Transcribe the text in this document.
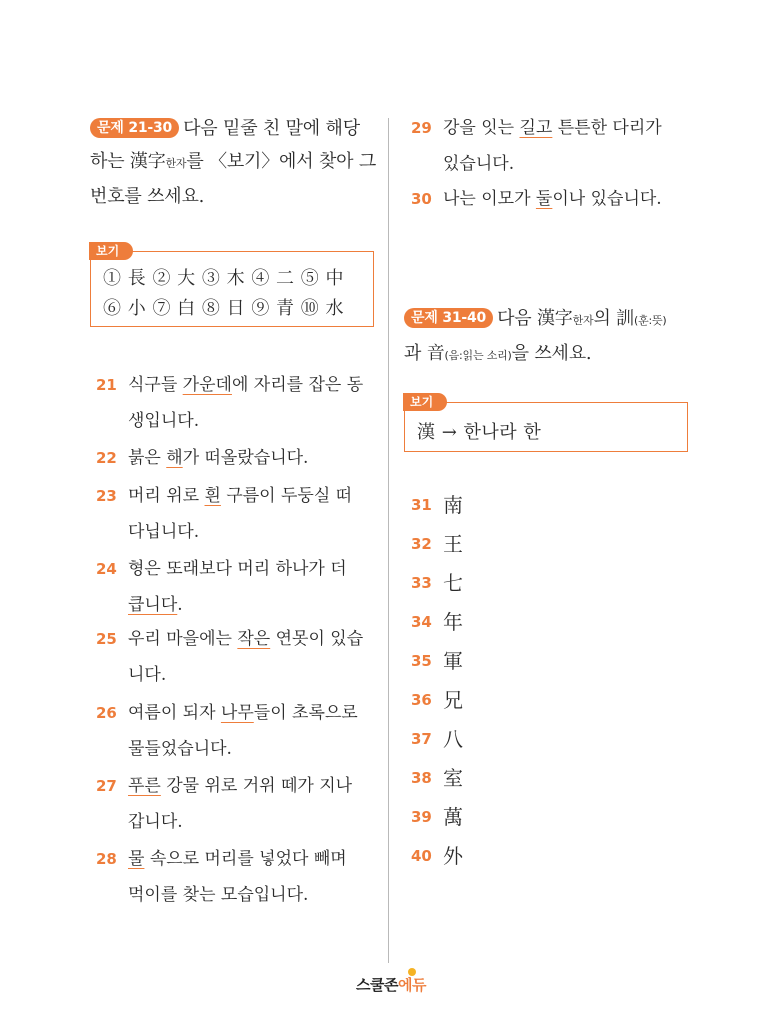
문제 21-30 다음 밑줄 친 말에 해당
하는 漢字한자를 〈보기〉에서 찾아 그
번호를 쓰세요.
보기
① 長 ② 大 ③ 木 ④ 二 ⑤ 中
⑥ 小 ⑦ 白 ⑧ 日 ⑨ 青 ⑩ 水
21 식구들 가운데에 자리를 잡은 동
생입니다.
22 붉은 해가 떠올랐습니다.
23 머리 위로 흰 구름이 두둥실 떠
다닙니다.
24 형은 또래보다 머리 하나가 더
큽니다.
25 우리 마을에는 작은 연못이 있습
니다.
26 여름이 되자 나무들이 초록으로
물들었습니다.
27 푸른 강물 위로 거위 떼가 지나
갑니다.
28 물 속으로 머리를 넣었다 빼며
먹이를 찾는 모습입니다.
29 강을 잇는 길고 튼튼한 다리가
있습니다.
30 나는 이모가 둘이나 있습니다.
문제 31-40 다음 漢字한자의 訓(훈:뜻)
과 音(음:읽는 소리)을 쓰세요.
보기
漢 → 한나라 한
31 南
32 王
33 七
34 年
35 軍
36 兄
37 八
38 室
39 萬
40 外
스쿨존에듀
